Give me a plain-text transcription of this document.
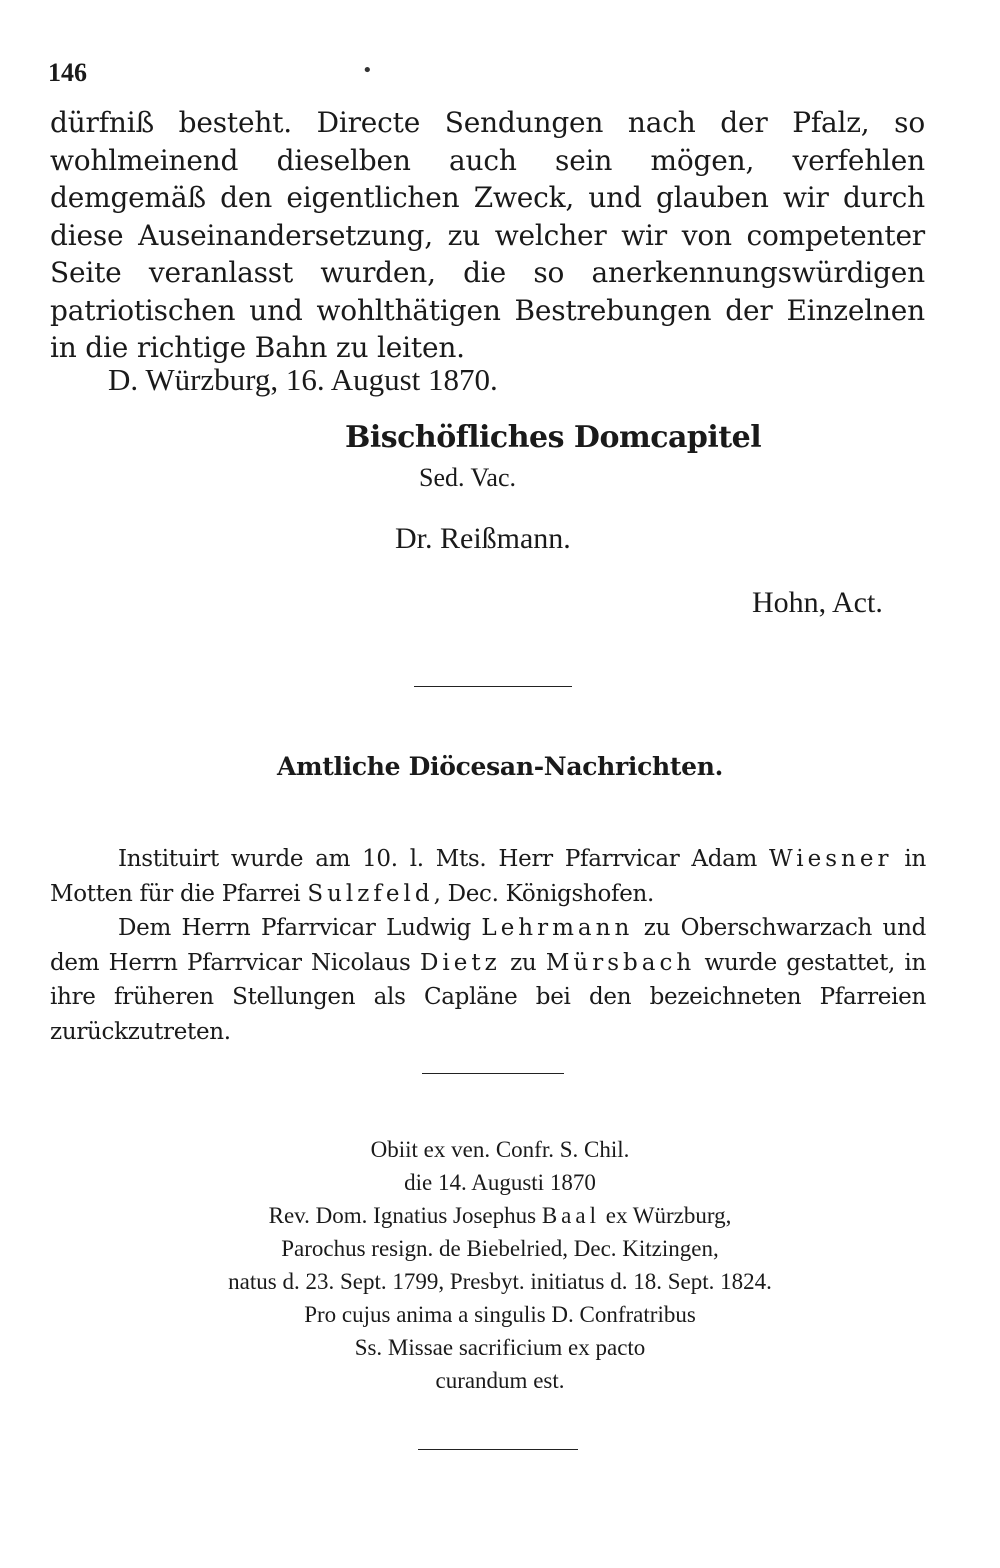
146	•
dürfniß besteht. Directe Sendungen nach der Pfalz, so wohlmeinend dieselben auch sein mögen, verfehlen demgemäß den eigentlichen Zweck, und glauben wir durch diese Auseinandersetzung, zu welcher wir von competenter Seite veranlasst wurden, die so anerkennungswürdigen patriotischen und wohlthätigen Bestrebungen der Einzelnen in die richtige Bahn zu leiten.
D. Würzburg, 16. August 1870.
Bischöfliches Domcapitel
Sed. Vac.
Dr. Reißmann.
Hohn, Act.
Amtliche Diöcesan-Nachrichten.

Instituirt wurde am 10. l. Mts. Herr Pfarrvicar Adam Wiesner in Motten für die Pfarrei Sulzfeld, Dec. Königshofen.

Dem Herrn Pfarrvicar Ludwig Lehrmann zu Oberschwarzach und dem Herrn Pfarrvicar Nicolaus Dietz zu Mürsbach wurde gestattet, in ihre früheren Stellungen als Capläne bei den bezeichneten Pfarreien zurückzutreten.

Obiit ex ven. Confr. S. Chil.
die 14. Augusti 1870
Rev. Dom. Ignatius Josephus Baal ex Würzburg,
Parochus resign. de Biebelried, Dec. Kitzingen,
natus d. 23. Sept. 1799, Presbyt. initiatus d. 18. Sept. 1824.
Pro cujus anima a singulis D. Confratribus
Ss. Missae sacrificium ex pacto
curandum est.
